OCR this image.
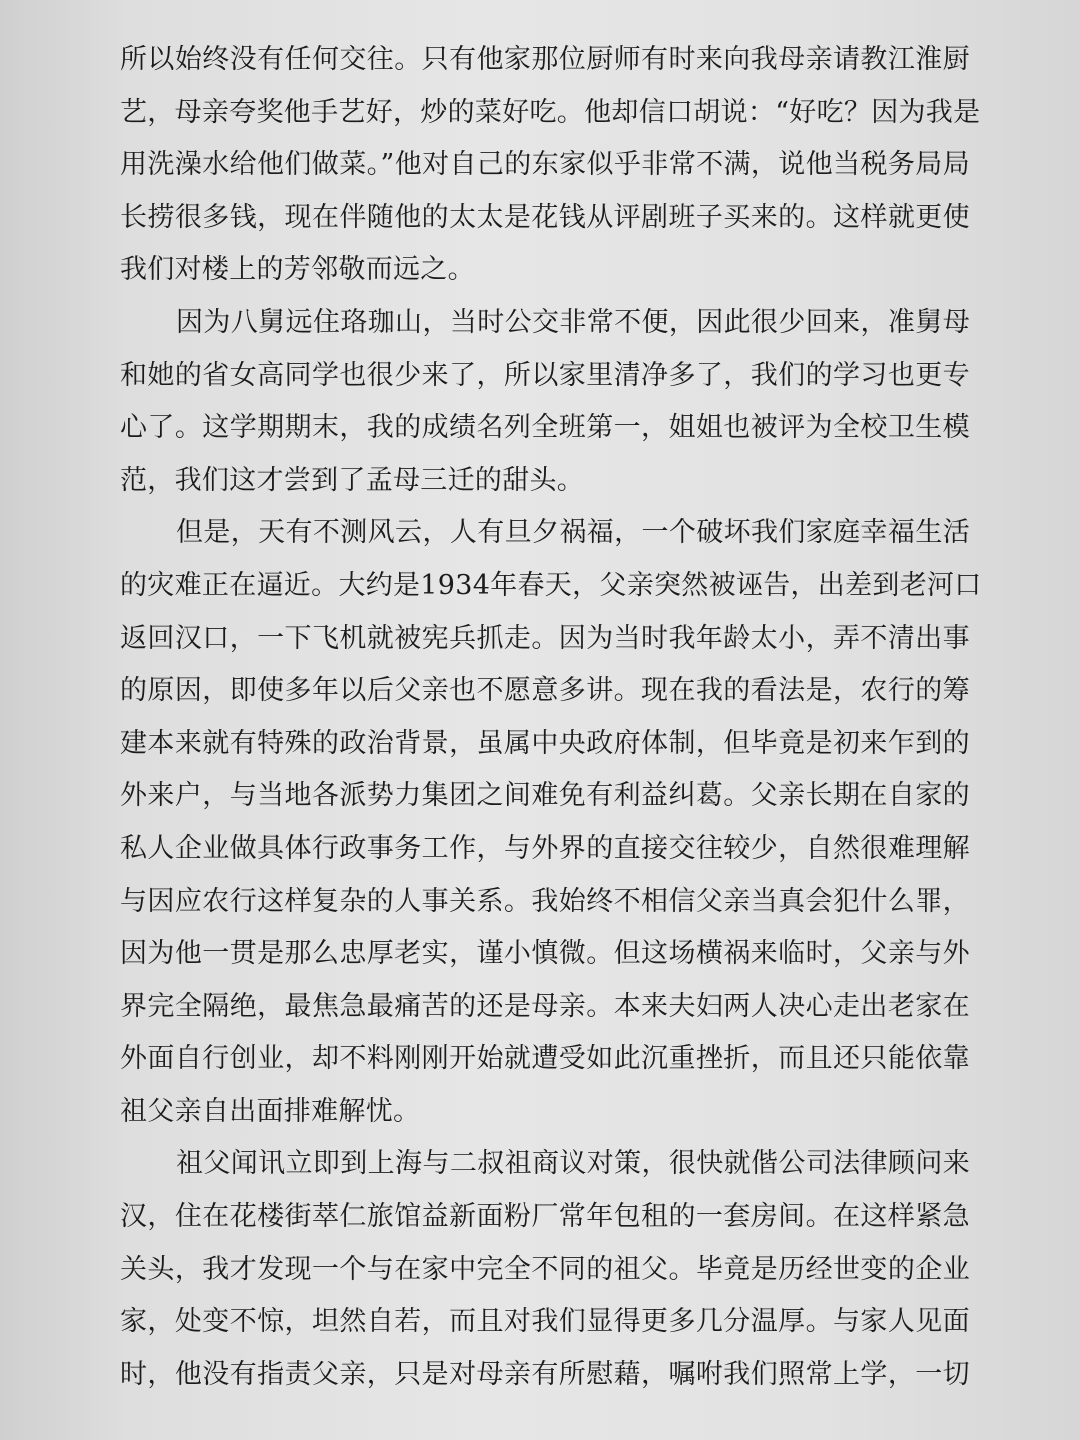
所以始终没有任何交往。只有他家那位厨师有时来向我母亲请教江淮厨
艺，母亲夸奖他手艺好，炒的菜好吃。他却信口胡说：“好吃？因为我是
用洗澡水给他们做菜。”他对自己的东家似乎非常不满，说他当税务局局
长捞很多钱，现在伴随他的太太是花钱从评剧班子买来的。这样就更使
我们对楼上的芳邻敬而远之。
因为八舅远住珞珈山，当时公交非常不便，因此很少回来，准舅母
和她的省女高同学也很少来了，所以家里清净多了，我们的学习也更专
心了。这学期期末，我的成绩名列全班第一，姐姐也被评为全校卫生模
范，我们这才尝到了孟母三迁的甜头。
但是，天有不测风云，人有旦夕祸福，一个破坏我们家庭幸福生活
的灾难正在逼近。大约是1934年春天，父亲突然被诬告，出差到老河口
返回汉口，一下飞机就被宪兵抓走。因为当时我年龄太小，弄不清出事
的原因，即使多年以后父亲也不愿意多讲。现在我的看法是，农行的筹
建本来就有特殊的政治背景，虽属中央政府体制，但毕竟是初来乍到的
外来户，与当地各派势力集团之间难免有利益纠葛。父亲长期在自家的
私人企业做具体行政事务工作，与外界的直接交往较少，自然很难理解
与因应农行这样复杂的人事关系。我始终不相信父亲当真会犯什么罪，
因为他一贯是那么忠厚老实，谨小慎微。但这场横祸来临时，父亲与外
界完全隔绝，最焦急最痛苦的还是母亲。本来夫妇两人决心走出老家在
外面自行创业，却不料刚刚开始就遭受如此沉重挫折，而且还只能依靠
祖父亲自出面排难解忧。
祖父闻讯立即到上海与二叔祖商议对策，很快就偕公司法律顾问来
汉，住在花楼街萃仁旅馆益新面粉厂常年包租的一套房间。在这样紧急
关头，我才发现一个与在家中完全不同的祖父。毕竟是历经世变的企业
家，处变不惊，坦然自若，而且对我们显得更多几分温厚。与家人见面
时，他没有指责父亲，只是对母亲有所慰藉，嘱咐我们照常上学，一切
